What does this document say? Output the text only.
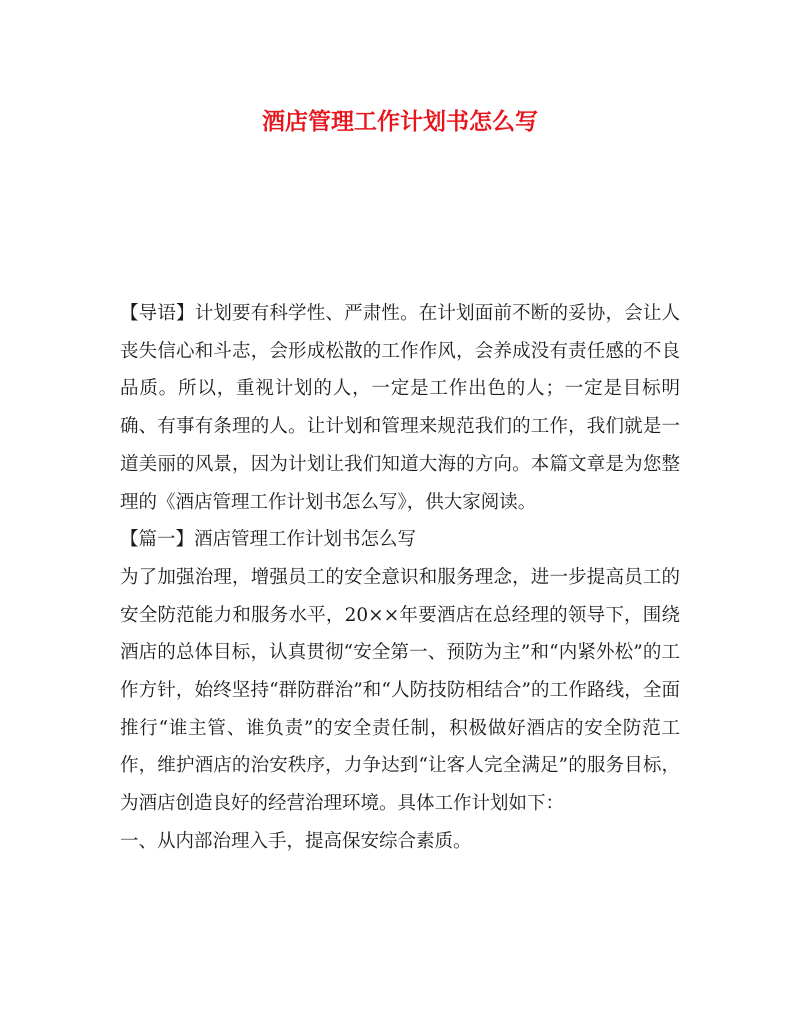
酒店管理工作计划书怎么写

【导语】计划要有科学性、严肃性。在计划面前不断的妥协，会让人丧失信心和斗志，会形成松散的工作作风，会养成没有责任感的不良品质。所以，重视计划的人，一定是工作出色的人；一定是目标明确、有事有条理的人。让计划和管理来规范我们的工作，我们就是一道美丽的风景，因为计划让我们知道大海的方向。本篇文章是为您整理的《酒店管理工作计划书怎么写》，供大家阅读。

【篇一】酒店管理工作计划书怎么写

为了加强治理，增强员工的安全意识和服务理念，进一步提高员工的安全防范能力和服务水平，20××年要酒店在总经理的领导下，围绕酒店的总体目标，认真贯彻“安全第一、预防为主”和“内紧外松”的工作方针，始终坚持“群防群治”和“人防技防相结合”的工作路线，全面推行“谁主管、谁负责”的安全责任制，积极做好酒店的安全防范工作，维护酒店的治安秩序，力争达到“让客人完全满足”的服务目标，为酒店创造良好的经营治理环境。具体工作计划如下：

一、从内部治理入手，提高保安综合素质。
